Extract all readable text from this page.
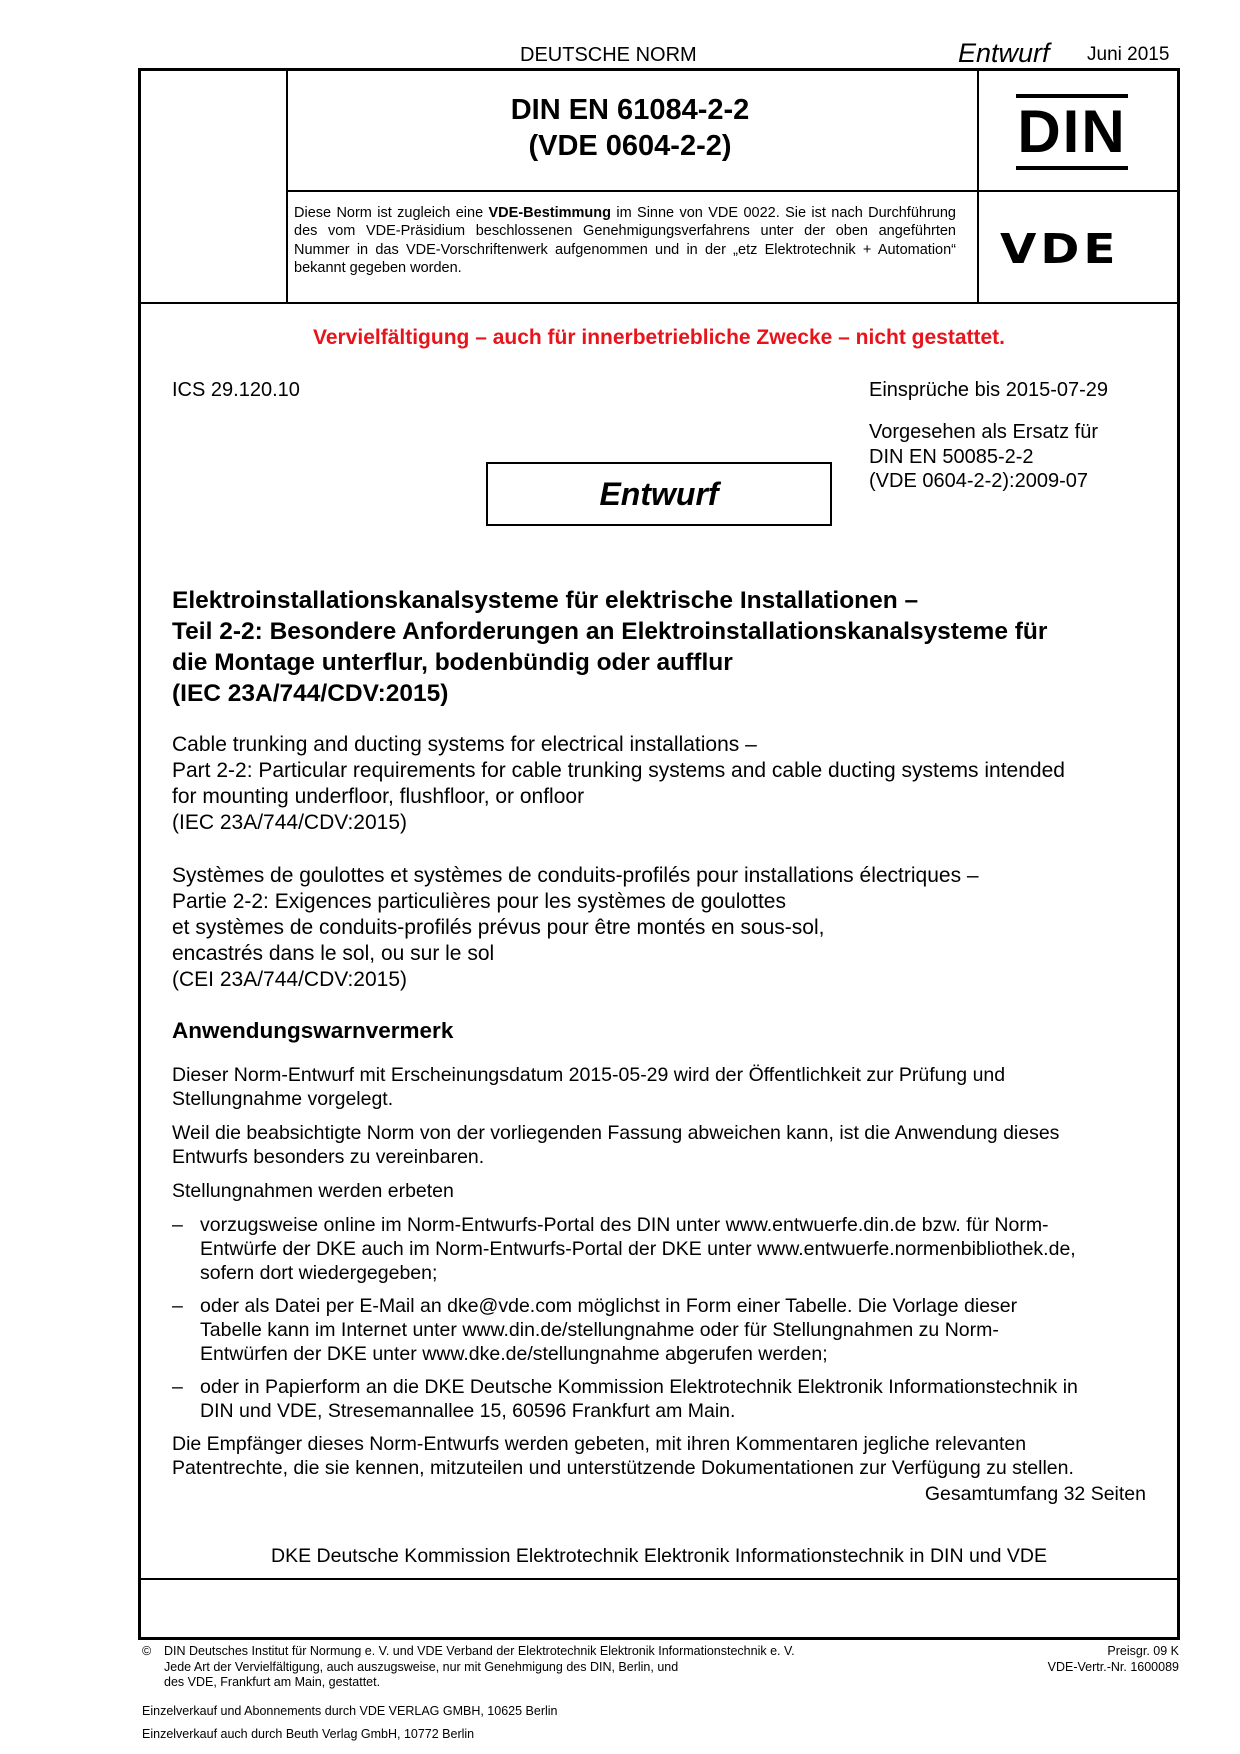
DEUTSCHE NORM	Entwurf Juni 2015
DIN EN 61084-2-2
(VDE 0604-2-2)	DIN
Diese Norm ist zugleich eine VDE-Bestimmung im Sinne von VDE 0022. Sie ist nach Durchführung des vom VDE-Präsidium beschlossenen Genehmigungsverfahrens unter der oben angeführten Nummer in das VDE-Vorschriftenwerk aufgenommen und in der „etz Elektrotechnik + Automation“ bekannt gegeben worden.	VDE
Vervielfältigung – auch für innerbetriebliche Zwecke – nicht gestattet.
ICS 29.120.10	Einsprüche bis 2015-07-29
Vorgesehen als Ersatz für
DIN EN 50085-2-2
(VDE 0604-2-2):2009-07
Entwurf
Elektroinstallationskanalsysteme für elektrische Installationen –
Teil 2-2: Besondere Anforderungen an Elektroinstallationskanalsysteme für
die Montage unterflur, bodenbündig oder aufflur
(IEC 23A/744/CDV:2015)
Cable trunking and ducting systems for electrical installations –
Part 2-2: Particular requirements for cable trunking systems and cable ducting systems intended
for mounting underfloor, flushfloor, or onfloor
(IEC 23A/744/CDV:2015)
Systèmes de goulottes et systèmes de conduits-profilés pour installations électriques –
Partie 2-2: Exigences particulières pour les systèmes de goulottes
et systèmes de conduits-profilés prévus pour être montés en sous-sol,
encastrés dans le sol, ou sur le sol
(CEI 23A/744/CDV:2015)
Anwendungswarnvermerk
Dieser Norm-Entwurf mit Erscheinungsdatum 2015-05-29 wird der Öffentlichkeit zur Prüfung und
Stellungnahme vorgelegt.
Weil die beabsichtigte Norm von der vorliegenden Fassung abweichen kann, ist die Anwendung dieses
Entwurfs besonders zu vereinbaren.
Stellungnahmen werden erbeten
– vorzugsweise online im Norm-Entwurfs-Portal des DIN unter www.entwuerfe.din.de bzw. für Norm-
Entwürfe der DKE auch im Norm-Entwurfs-Portal der DKE unter www.entwuerfe.normenbibliothek.de,
sofern dort wiedergegeben;
– oder als Datei per E-Mail an dke@vde.com möglichst in Form einer Tabelle. Die Vorlage dieser
Tabelle kann im Internet unter www.din.de/stellungnahme oder für Stellungnahmen zu Norm-
Entwürfen der DKE unter www.dke.de/stellungnahme abgerufen werden;
– oder in Papierform an die DKE Deutsche Kommission Elektrotechnik Elektronik Informationstechnik in
DIN und VDE, Stresemannallee 15, 60596 Frankfurt am Main.
Die Empfänger dieses Norm-Entwurfs werden gebeten, mit ihren Kommentaren jegliche relevanten
Patentrechte, die sie kennen, mitzuteilen und unterstützende Dokumentationen zur Verfügung zu stellen.
Gesamtumfang 32 Seiten
DKE Deutsche Kommission Elektrotechnik Elektronik Informationstechnik in DIN und VDE
© DIN Deutsches Institut für Normung e. V. und VDE Verband der Elektrotechnik Elektronik Informationstechnik e. V.
Jede Art der Vervielfältigung, auch auszugsweise, nur mit Genehmigung des DIN, Berlin, und
des VDE, Frankfurt am Main, gestattet.
Preisgr. 09 K
VDE-Vertr.-Nr. 1600089
Einzelverkauf und Abonnements durch VDE VERLAG GMBH, 10625 Berlin
Einzelverkauf auch durch Beuth Verlag GmbH, 10772 Berlin
